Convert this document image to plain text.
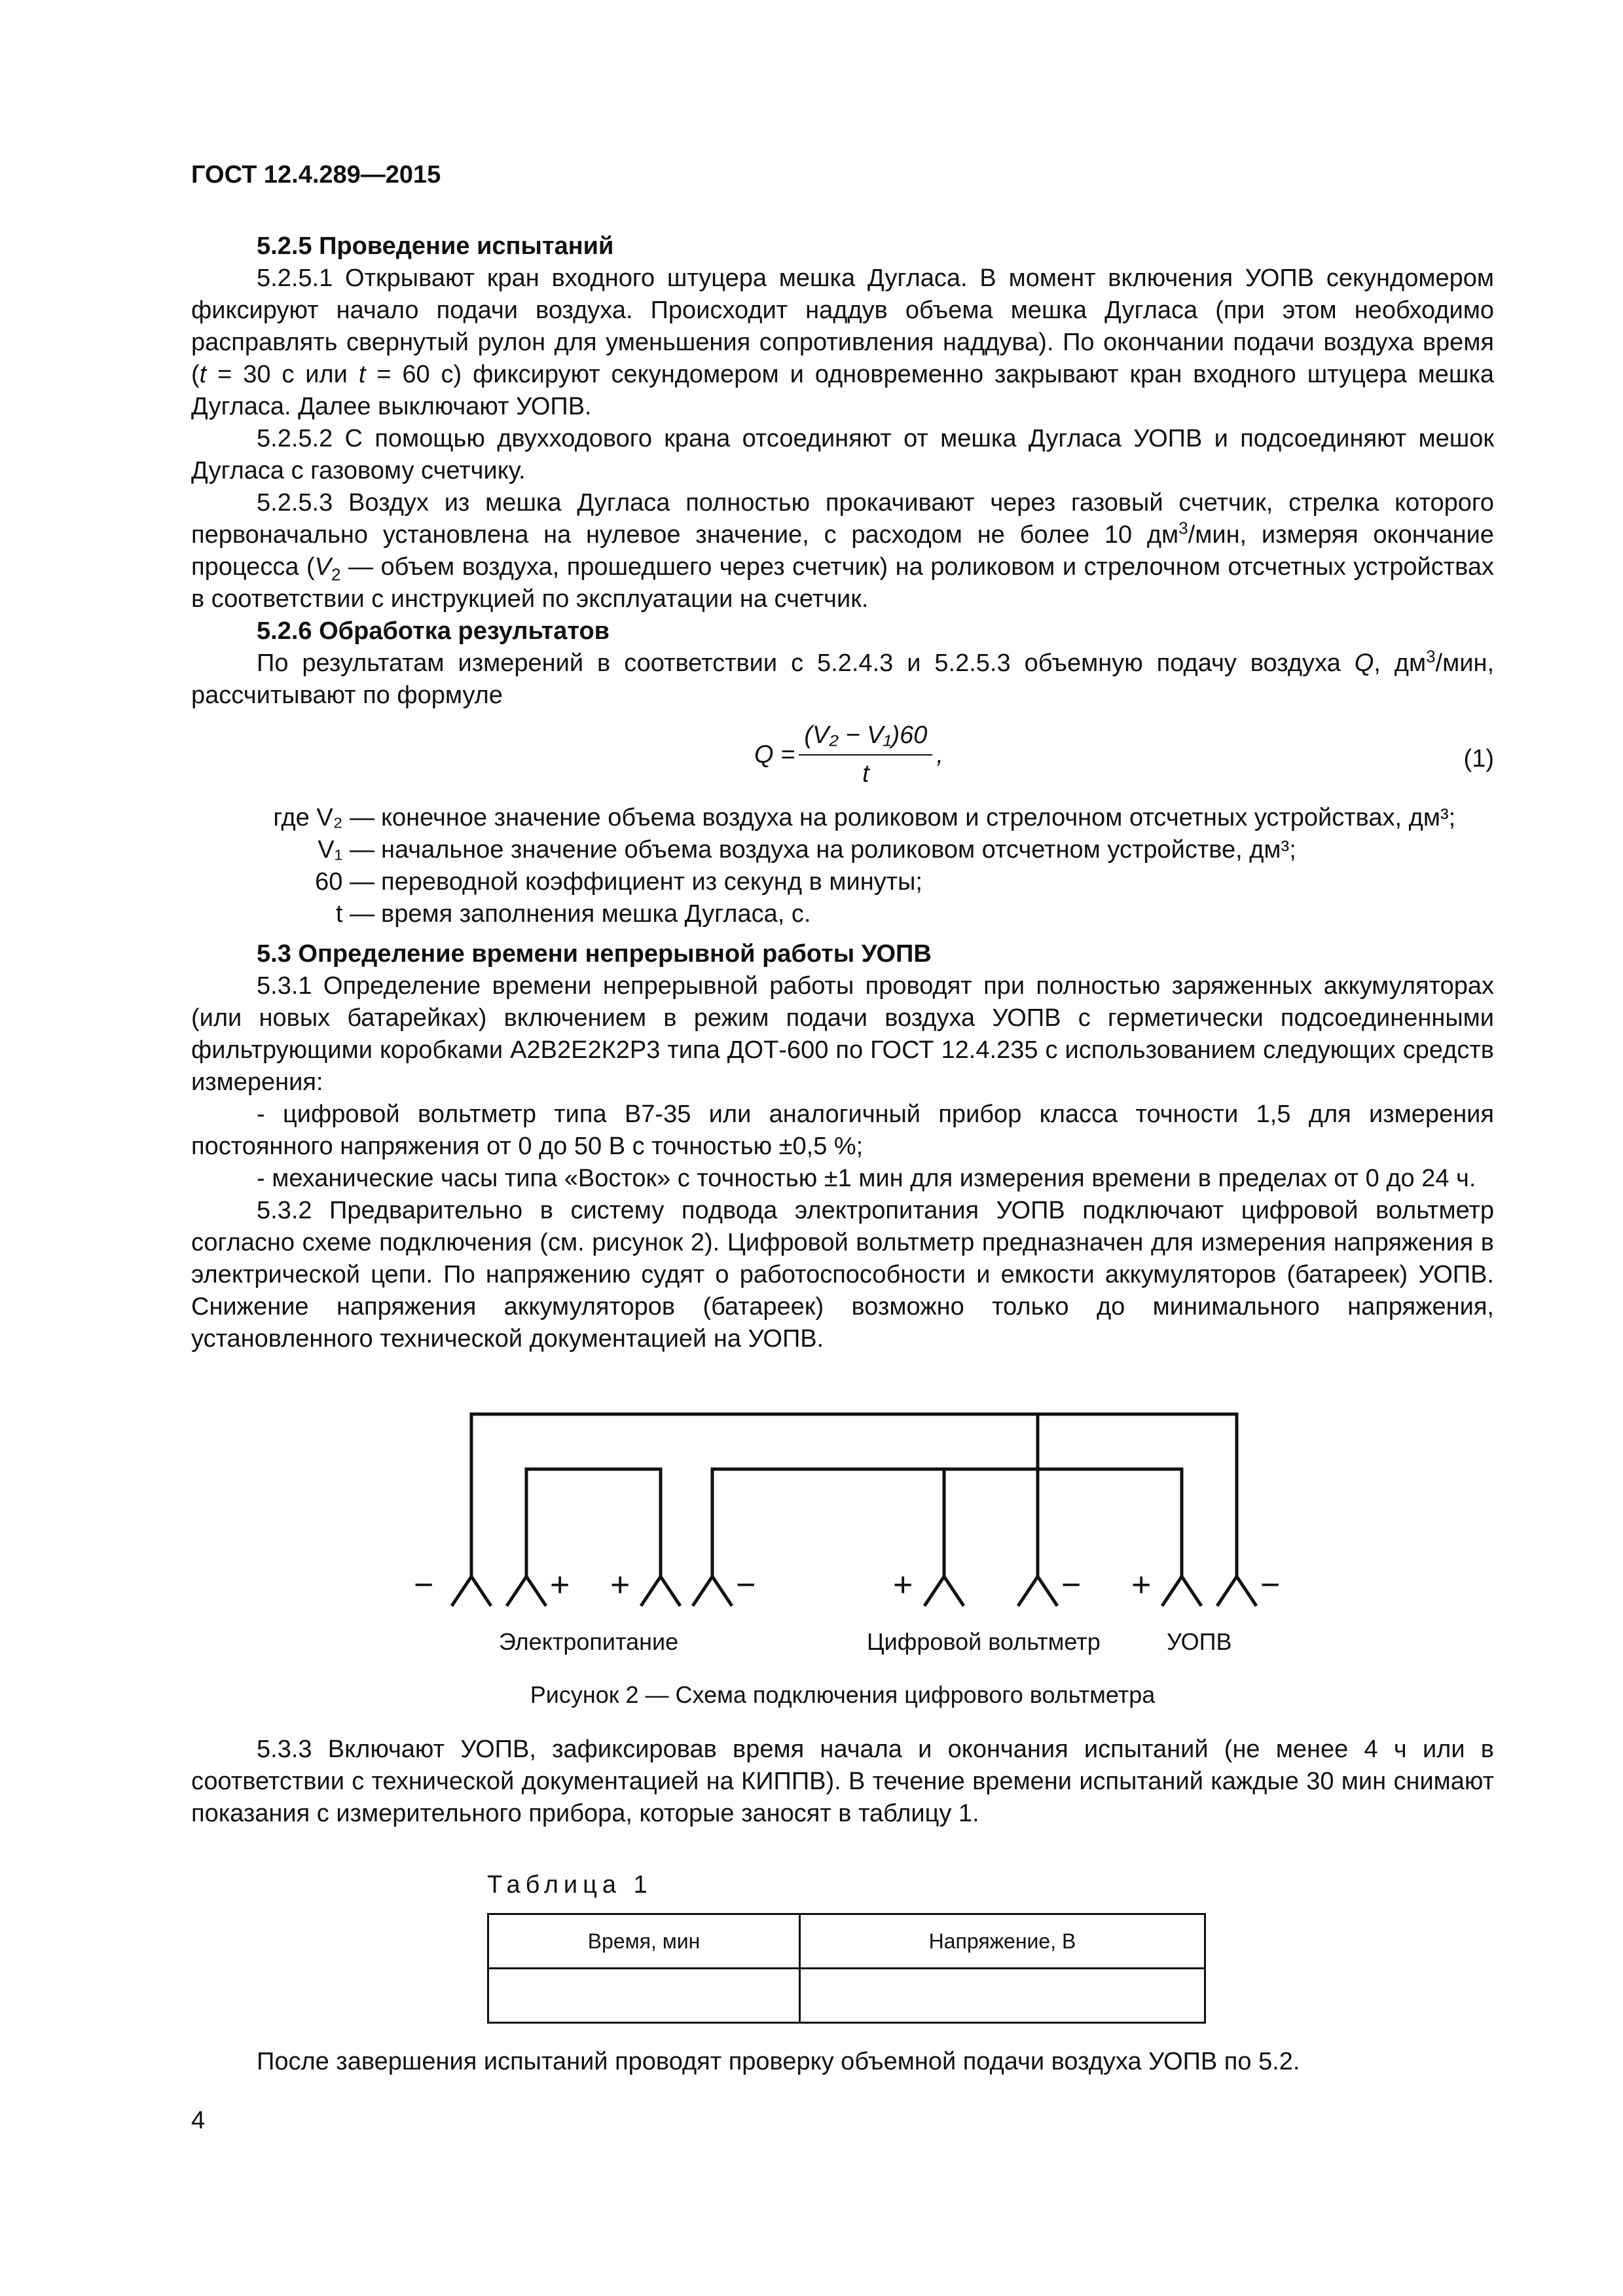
ГОСТ 12.4.289—2015

5.2.5 Проведение испытаний

5.2.5.1 Открывают кран входного штуцера мешка Дугласа. В момент включения УОПВ секундомером фиксируют начало подачи воздуха. Происходит наддув объема мешка Дугласа (при этом необходимо расправлять свернутый рулон для уменьшения сопротивления наддува). По окончании подачи воздуха время (t = 30 с или t = 60 с) фиксируют секундомером и одновременно закрывают кран входного штуцера мешка Дугласа. Далее выключают УОПВ.

5.2.5.2 С помощью двухходового крана отсоединяют от мешка Дугласа УОПВ и подсоединяют мешок Дугласа с газовому счетчику.

5.2.5.3 Воздух из мешка Дугласа полностью прокачивают через газовый счетчик, стрелка которого первоначально установлена на нулевое значение, с расходом не более 10 $дм^3$/мин, измеряя окончание процесса ($V_2$ — объем воздуха, прошедшего через счетчик) на роликовом и стрелочном отсчетных устройствах в соответствии с инструкцией по эксплуатации на счетчик.

5.2.6 Обработка результатов

По результатам измерений в соответствии с 5.2.4.3 и 5.2.5.3 объемную подачу воздуха Q, $дм^3$/мин, рассчитывают по формуле

$Q = \frac{\text{(V₂ − V₁)60}}{t}$ ,	(1)
где V₂ — конечное значение объема воздуха на роликовом и стрелочном отсчетных устройствах, дм³;
V₁ — начальное значение объема воздуха на роликовом отсчетном устройстве, дм³;
60 — переводной коэффициент из секунд в минуты;
t — время заполнения мешка Дугласа, с.

5.3 Определение времени непрерывной работы УОПВ

5.3.1 Определение времени непрерывной работы проводят при полностью заряженных аккумуляторах (или новых батарейках) включением в режим подачи воздуха УОПВ с герметически подсоединенными фильтрующими коробками А2В2Е2К2Р3 типа ДОТ-600 по ГОСТ 12.4.235 с использованием следующих средств измерения:

- цифровой вольтметр типа В7-35 или аналогичный прибор класса точности 1,5 для измерения постоянного напряжения от 0 до 50 В с точностью ±0,5 %;

- механические часы типа «Восток» с точностью ±1 мин для измерения времени в пределах от 0 до 24 ч.

5.3.2 Предварительно в систему подвода электропитания УОПВ подключают цифровой вольтметр согласно схеме подключения (см. рисунок 2). Цифровой вольтметр предназначен для измерения напряжения в электрической цепи. По напряжению судят о работоспособности и емкости аккумуляторов (батареек) УОПВ. Снижение напряжения аккумуляторов (батареек) возможно только до минимального напряжения, установленного технической документацией на УОПВ.

−	+ +	−	+	− +	−
Электропитание	Цифровой вольтметр	УОПВ
Рисунок 2 — Схема подключения цифрового вольтметра

5.3.3 Включают УОПВ, зафиксировав время начала и окончания испытаний (не менее 4 ч или в соответствии с технической документацией на КИППВ). В течение времени испытаний каждые 30 мин снимают показания с измерительного прибора, которые заносят в таблицу 1.

Таблица 1
Время, мин	Напряжение, В

После завершения испытаний проводят проверку объемной подачи воздуха УОПВ по 5.2.

4
